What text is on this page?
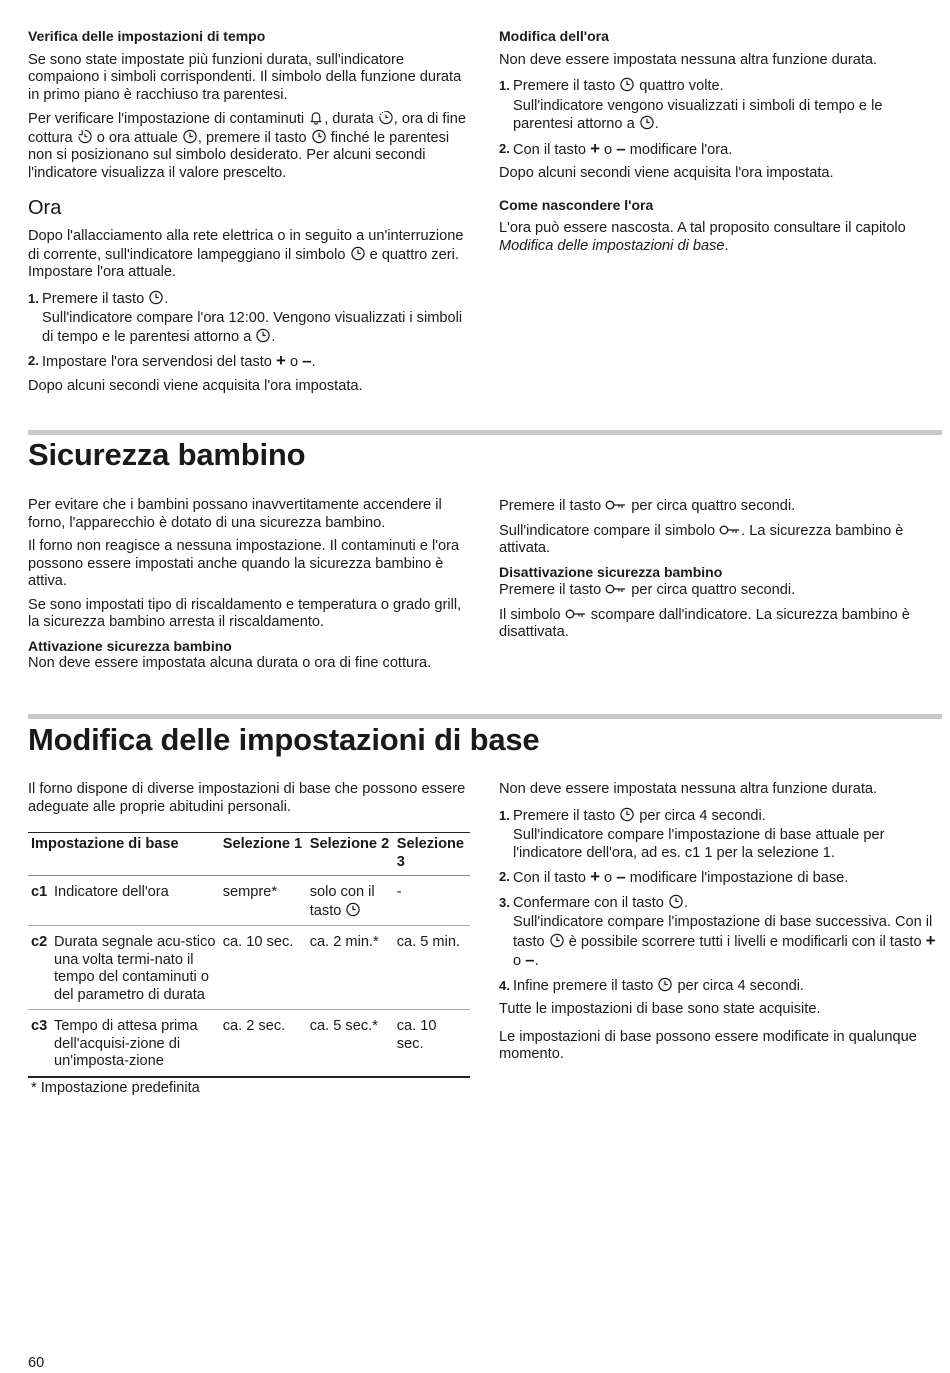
Verifica delle impostazioni di tempo

Se sono state impostate più funzioni durata, sull'indicatore compaiono i simboli corrispondenti. Il simbolo della funzione durata in primo piano è racchiuso tra parentesi.

Per verificare l'impostazione di contaminuti
, durata
, ora di fine cottura
o ora attuale
, premere il tasto
finché le parentesi non si posizionano sul simbolo desiderato. Per alcuni secondi l'indicatore visualizza il valore prescelto.

Ora

Dopo l'allacciamento alla rete elettrica o in seguito a un'interruzione di corrente, sull'indicatore lampeggiano il simbolo
e quattro zeri. Impostare l'ora attuale.

1. Premere il tasto
.

Sull'indicatore compare l'ora 12:00. Vengono visualizzati i simboli di tempo e le parentesi attorno a
.

2. Impostare l'ora servendosi del tasto + o –.

Dopo alcuni secondi viene acquisita l'ora impostata.

Modifica dell'ora

Non deve essere impostata nessuna altra funzione durata.

1. Premere il tasto
quattro volte.

Sull'indicatore vengono visualizzati i simboli di tempo e le parentesi attorno a
.

2. Con il tasto + o – modificare l'ora.

Dopo alcuni secondi viene acquisita l'ora impostata.

Come nascondere l'ora

L'ora può essere nascosta. A tal proposito consultare il capitolo Modifica delle impostazioni di base.

Sicurezza bambino

Per evitare che i bambini possano inavvertitamente accendere il forno, l'apparecchio è dotato di una sicurezza bambino.

Il forno non reagisce a nessuna impostazione. Il contaminuti e l'ora possono essere impostati anche quando la sicurezza bambino è attiva.

Se sono impostati tipo di riscaldamento e temperatura o grado grill, la sicurezza bambino arresta il riscaldamento.

Attivazione sicurezza bambino

Non deve essere impostata alcuna durata o ora di fine cottura.

Premere il tasto
per circa quattro secondi.

Sull'indicatore compare il simbolo
. La sicurezza bambino è attivata.

Disattivazione sicurezza bambino

Premere il tasto
per circa quattro secondi.

Il simbolo
scompare dall'indicatore. La sicurezza bambino è disattivata.

Modifica delle impostazioni di base

Il forno dispone di diverse impostazioni di base che possono essere adeguate alle proprie abitudini personali.

Impostazione di base		Selezione 1	Selezione 2	Selezione 3
c1	Indicatore dell'ora	sempre*	solo con il tasto	-
c2	Durata segnale acu-stico una volta termi-nato il tempo del contaminuti o del parametro di durata	ca. 10 sec.	ca. 2 min.*	ca. 5 min.
c3	Tempo di attesa prima dell'acquisi-zione di un'imposta-zione	ca. 2 sec.	ca. 5 sec.*	ca. 10 sec.
* Impostazione predefinita

Non deve essere impostata nessuna altra funzione durata.

1. Premere il tasto
per circa 4 secondi.

Sull'indicatore compare l'impostazione di base attuale per l'indicatore dell'ora, ad es. c1 1 per la selezione 1.

2. Con il tasto + o – modificare l'impostazione di base.
3. Confermare con il tasto
.

Sull'indicatore compare l'impostazione di base successiva. Con il tasto
è possibile scorrere tutti i livelli e modificarli con il tasto + o –.

4. Infine premere il tasto
per circa 4 secondi.

Tutte le impostazioni di base sono state acquisite.

Le impostazioni di base possono essere modificate in qualunque momento.

60
